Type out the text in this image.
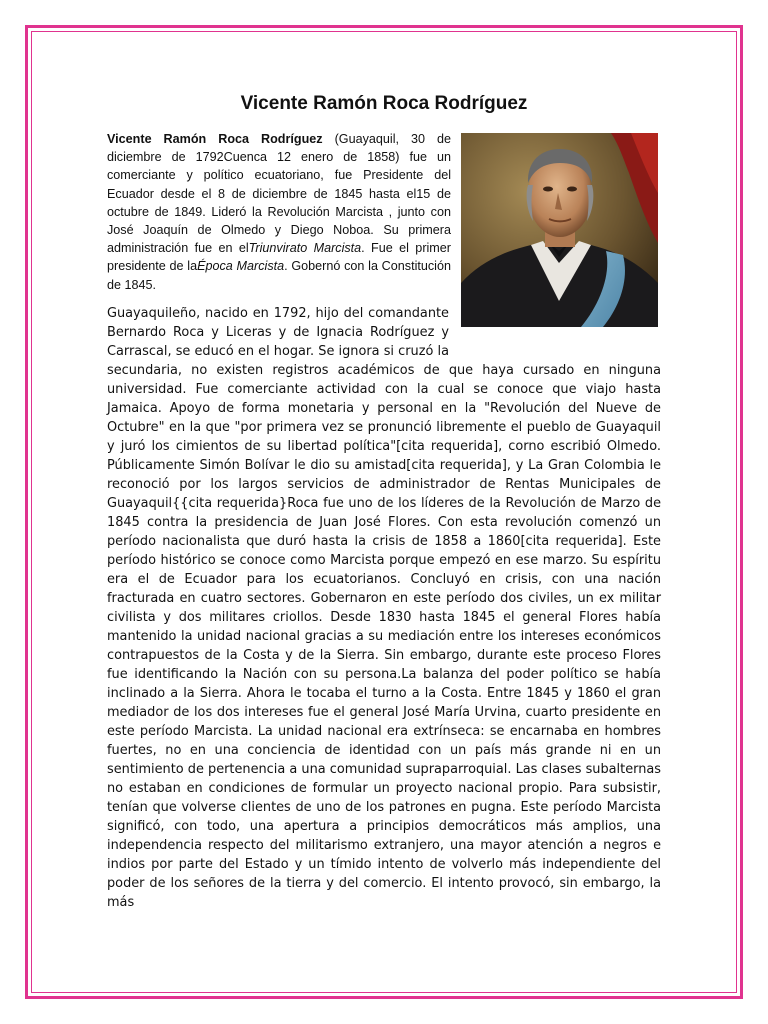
Vicente Ramón Roca Rodríguez

Vicente Ramón Roca Rodríguez (Guayaquil, 30 de diciembre de 1792Cuenca 12 enero de 1858) fue un comerciante y político ecuatoriano, fue Presidente del Ecuador desde el 8 de diciembre de 1845 hasta el15 de octubre de 1849. Lideró la Revolución Marcista , junto con José Joaquín de Olmedo y Diego Noboa. Su primera administración fue en elTriunvirato Marcista. Fue el primer presidente de laÉpoca Marcista. Gobernó con la Constitución de 1845.

Guayaquileño, nacido en 1792, hijo del comandante Bernardo Roca y Liceras y de Ignacia Rodríguez y Carrascal, se educó en el hogar. Se ignora si cruzó la secundaria, no existen registros académicos de que haya cursado en ninguna universidad. Fue comerciante actividad con la cual se conoce que viajo hasta Jamaica. Apoyo de forma monetaria y personal en la "Revolución del Nueve de Octubre" en la que "por primera vez se pronunció libremente el pueblo de Guayaquil y juró los cimientos de su libertad política"[cita requerida], corno escribió Olmedo. Públicamente Simón Bolívar le dio su amistad[cita requerida], y La Gran Colombia le reconoció por los largos servicios de administrador de Rentas Municipales de Guayaquil{{cita requerida}Roca fue uno de los líderes de la Revolución de Marzo de 1845 contra la presidencia de Juan José Flores. Con esta revolución comenzó un período nacionalista que duró hasta la crisis de 1858 a 1860[cita requerida]. Este período histórico se conoce como Marcista porque empezó en ese marzo. Su espíritu era el de Ecuador para los ecuatorianos. Concluyó en crisis, con una nación fracturada en cuatro sectores. Gobernaron en este período dos civiles, un ex militar civilista y dos militares criollos. Desde 1830 hasta 1845 el general Flores había mantenido la unidad nacional gracias a su mediación entre los intereses económicos contrapuestos de la Costa y de la Sierra. Sin embargo, durante este proceso Flores fue identificando la Nación con su persona.La balanza del poder político se había inclinado a la Sierra. Ahora le tocaba el turno a la Costa. Entre 1845 y 1860 el gran mediador de los dos intereses fue el general José María Urvina, cuarto presidente en este período Marcista. La unidad nacional era extrínseca: se encarnaba en hombres fuertes, no en una conciencia de identidad con un país más grande ni en un sentimiento de pertenencia a una comunidad supraparroquial. Las clases subalternas no estaban en condiciones de formular un proyecto nacional propio. Para subsistir, tenían que volverse clientes de uno de los patrones en pugna. Este período Marcista significó, con todo, una apertura a principios democráticos más amplios, una independencia respecto del militarismo extranjero, una mayor atención a negros e indios por parte del Estado y un tímido intento de volverlo más independiente del poder de los señores de la tierra y del comercio. El intento provocó, sin embargo, la más
